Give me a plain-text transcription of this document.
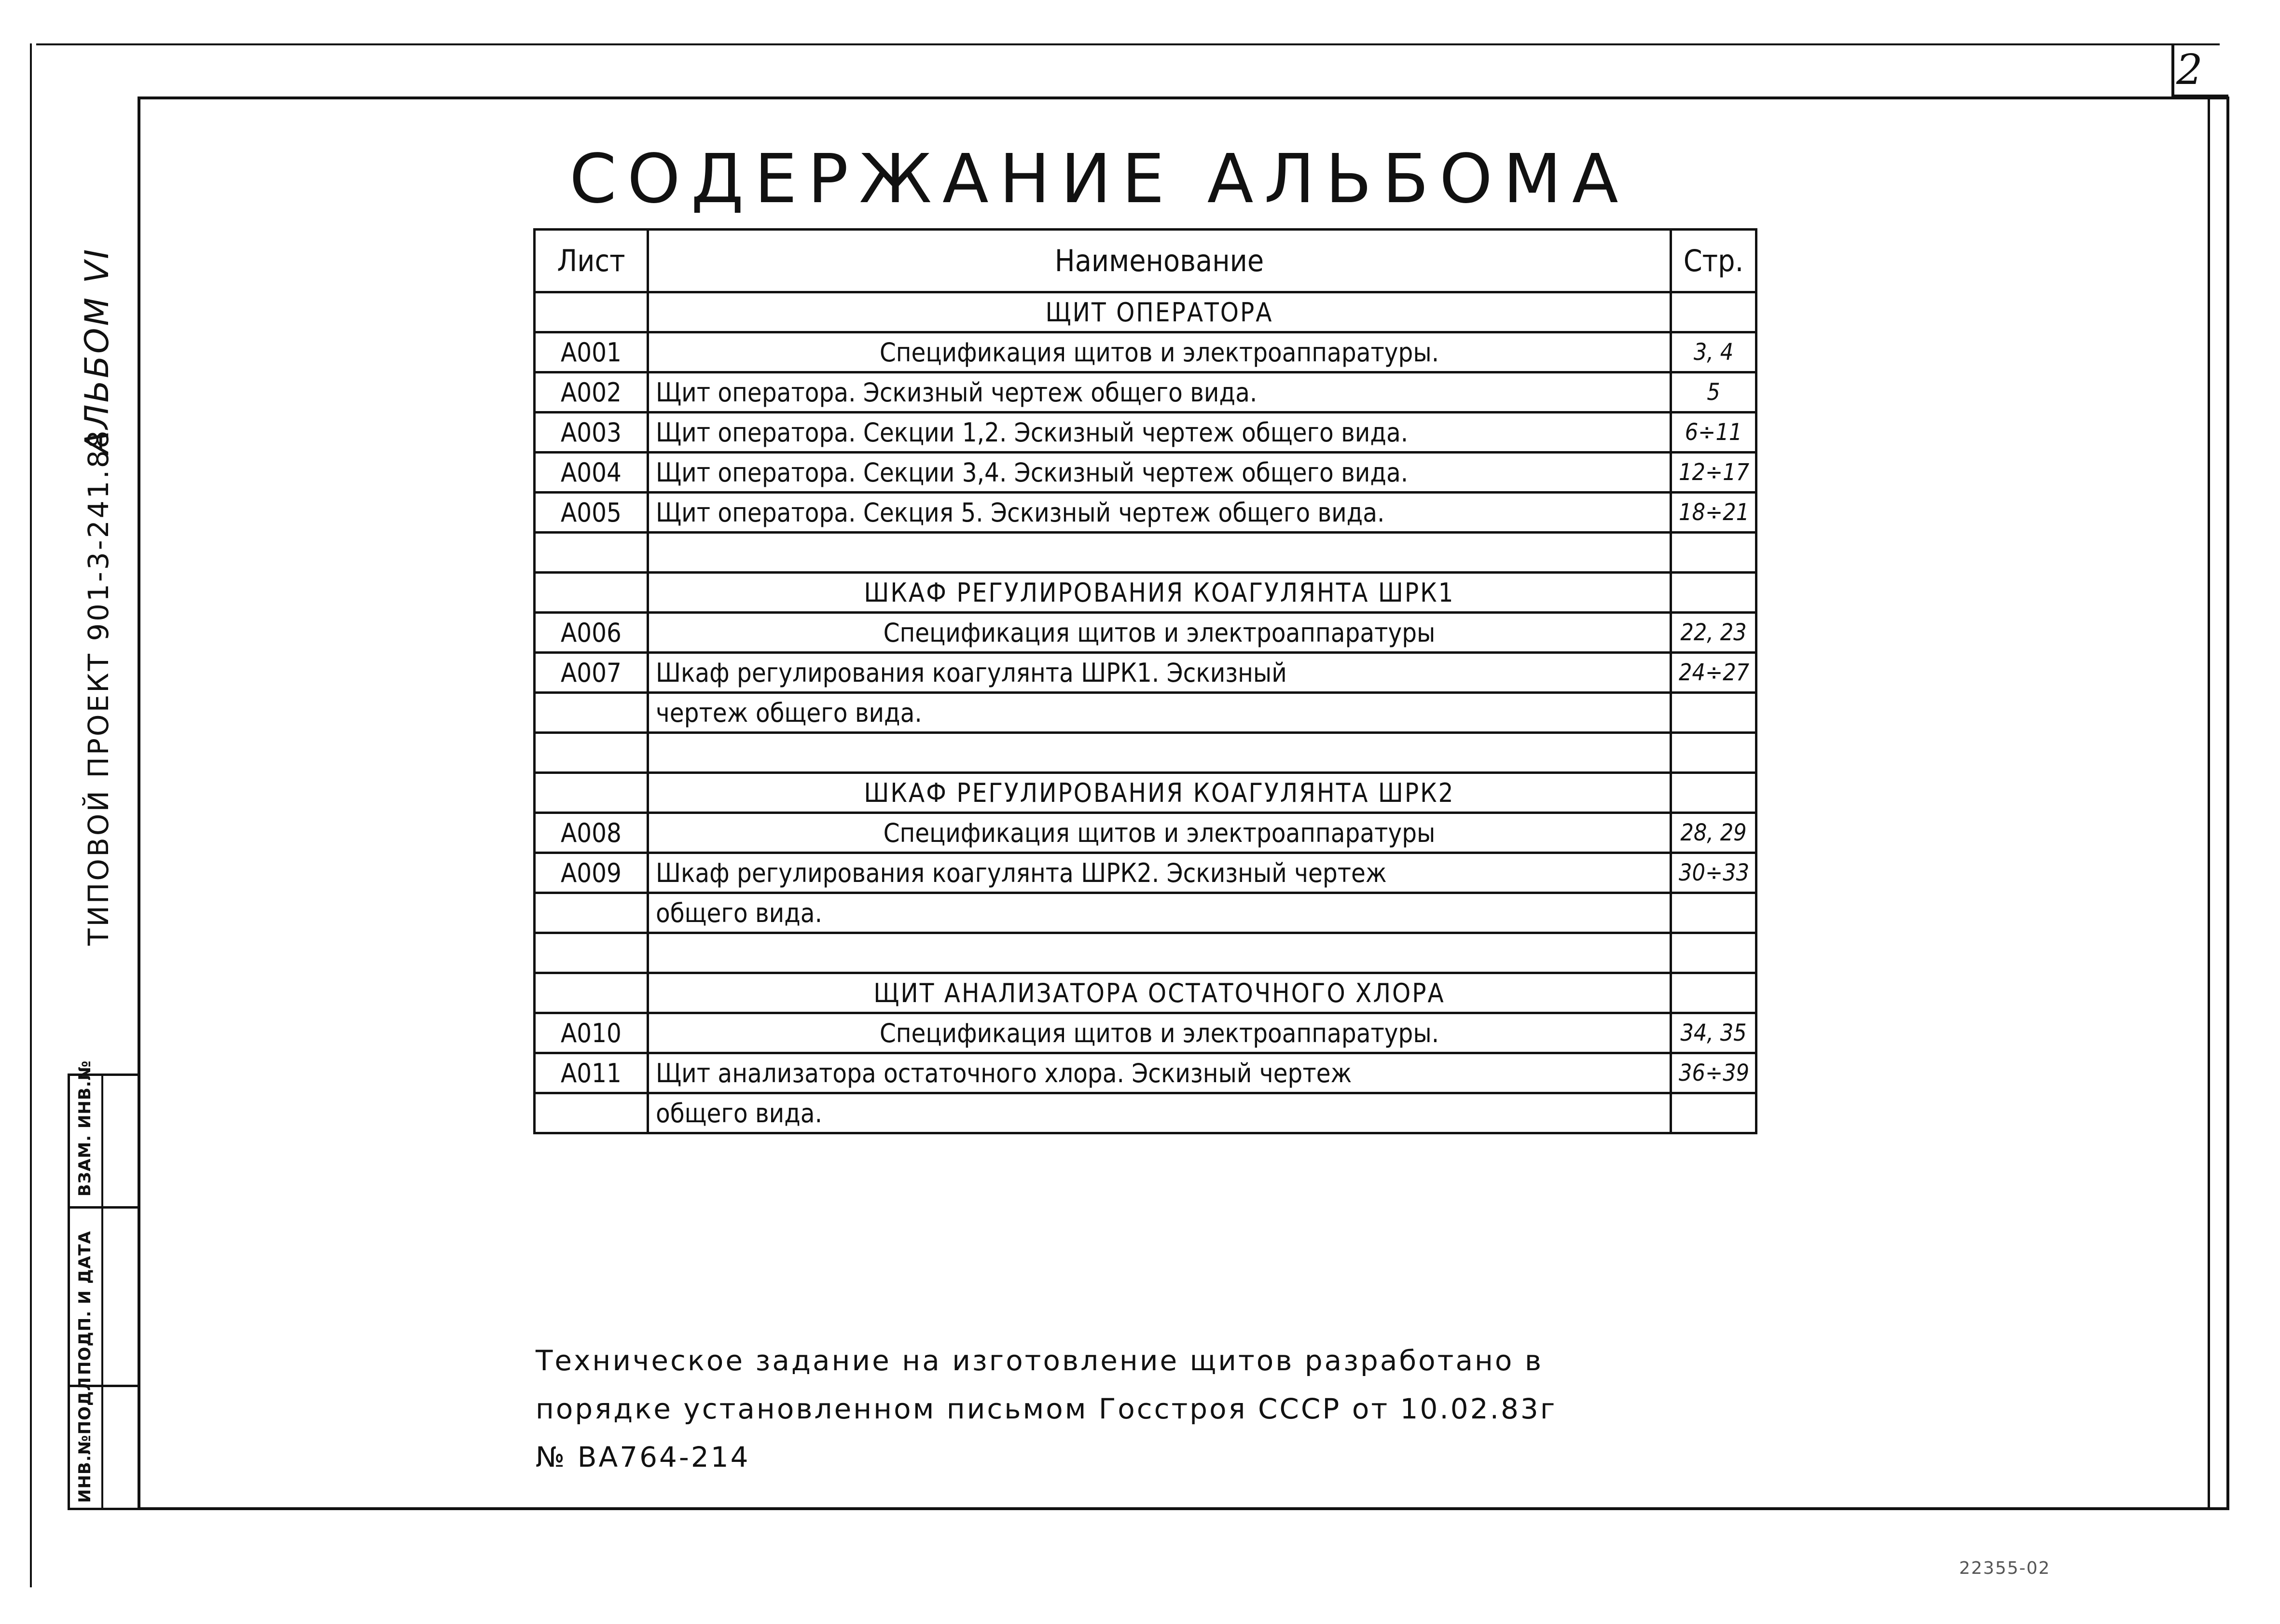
2
СОДЕРЖАНИЕ АЛЬБОМА
ТИПОВОЙ ПРОЕКТ 901-3-241.88
АЛЬБОМ VI
ВЗАМ. ИНВ.№
ПОДП. И ДАТА
ИНВ.№ПОДЛ
Лист	Наименование	Стр.
	ЩИТ ОПЕРАТОРА	
А001	Спецификация щитов и электроаппаратуры.	3, 4
А002	Щит оператора. Эскизный чертеж общего вида.	5
А003	Щит оператора. Секции 1,2. Эскизный чертеж общего вида.	6÷11
А004	Щит оператора. Секции 3,4. Эскизный чертеж общего вида.	12÷17
А005	Щит оператора. Секция 5. Эскизный чертеж общего вида.	18÷21

	ШКАФ РЕГУЛИРОВАНИЯ КОАГУЛЯНТА ШРК1	
А006	Спецификация щитов и электроаппаратуры	22, 23
А007	Шкаф регулирования коагулянта ШРК1. Эскизный	24÷27
	чертеж общего вида.	

	ШКАФ РЕГУЛИРОВАНИЯ КОАГУЛЯНТА ШРК2	
А008	Спецификация щитов и электроаппаратуры	28, 29
А009	Шкаф регулирования коагулянта ШРК2. Эскизный чертеж	30÷33
	общего вида.	

	ЩИТ АНАЛИЗАТОРА ОСТАТОЧНОГО ХЛОРА	
А010	Спецификация щитов и электроаппаратуры.	34, 35
А011	Щит анализатора остаточного хлора. Эскизный чертеж	36÷39
	общего вида.	
Техническое задание на изготовление щитов разработано в
порядке установленном письмом Госстроя СССР от 10.02.83г
№ ВА764-214
22355-02
